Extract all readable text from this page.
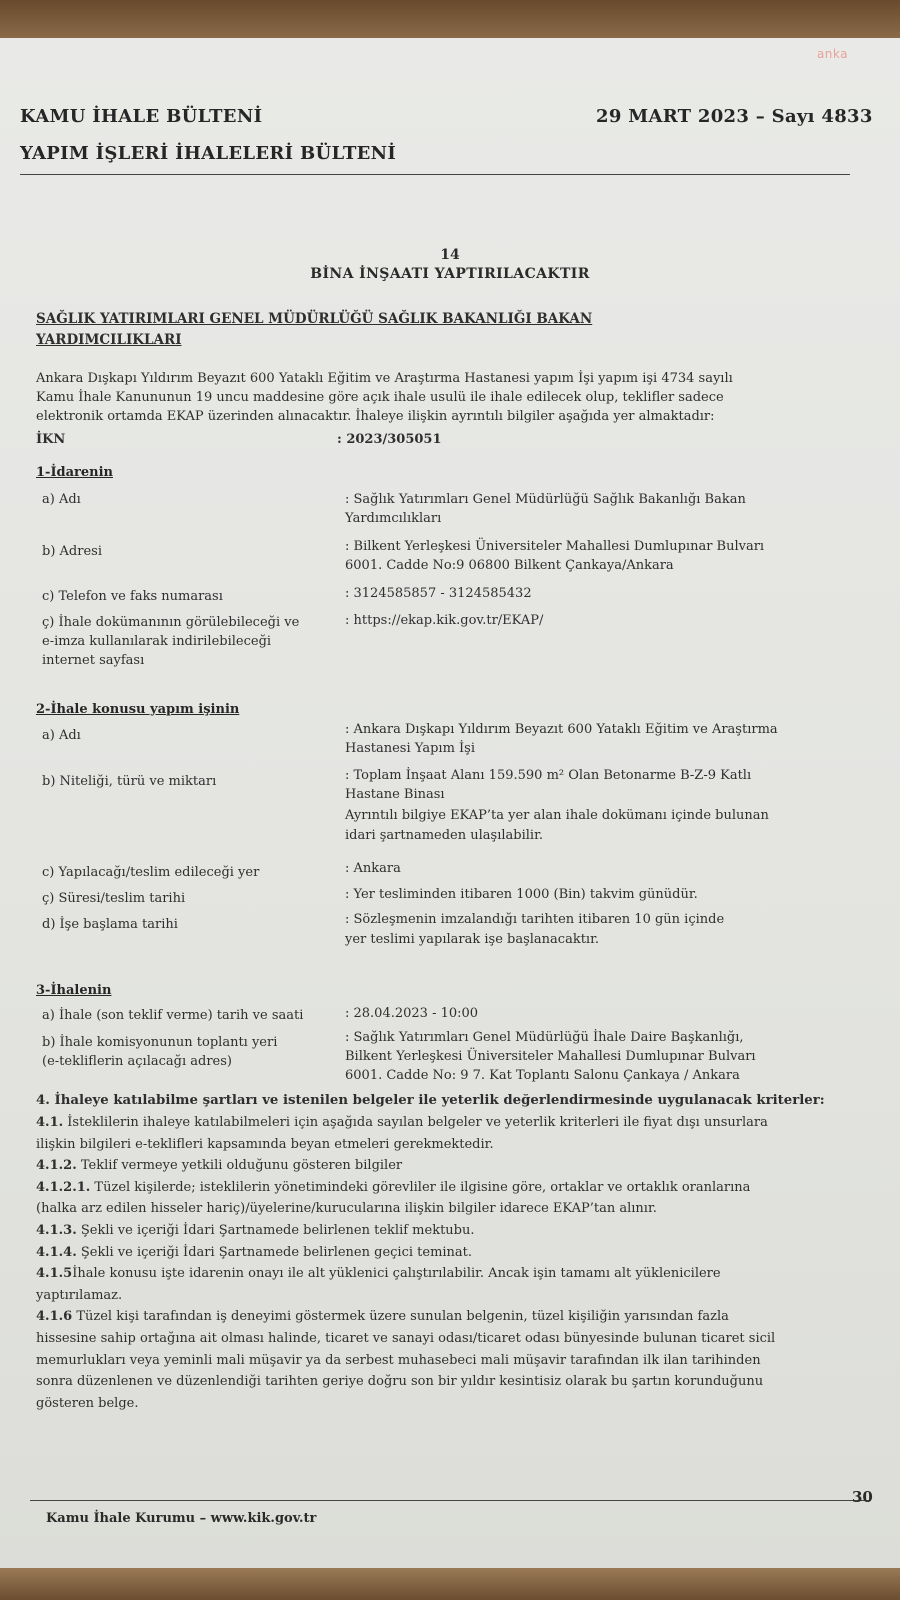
anka
KAMU İHALE BÜLTENİ
YAPIM İŞLERİ İHALELERİ BÜLTENİ
29 MART 2023 – Sayı 4833
14
BİNA İNŞAATI YAPTIRILACAKTIR
SAĞLIK YATIRIMLARI GENEL MÜDÜRLÜĞÜ SAĞLIK BAKANLIĞI BAKAN
YARDIMCILIKLARI
Ankara Dışkapı Yıldırım Beyazıt 600 Yataklı Eğitim ve Araştırma Hastanesi yapım İşi yapım işi 4734 sayılı
Kamu İhale Kanununun 19 uncu maddesine göre açık ihale usulü ile ihale edilecek olup, teklifler sadece
elektronik ortamda EKAP üzerinden alınacaktır. İhaleye ilişkin ayrıntılı bilgiler aşağıda yer almaktadır:
İKN	: 2023/305051
1-İdarenin
a) Adı	: Sağlık Yatırımları Genel Müdürlüğü Sağlık Bakanlığı Bakan
Yardımcılıkları
b) Adresi	: Bilkent Yerleşkesi Üniversiteler Mahallesi Dumlupınar Bulvarı
6001. Cadde No:9 06800 Bilkent Çankaya/Ankara
c) Telefon ve faks numarası	: 3124585857 - 3124585432
ç) İhale dokümanının görülebileceği ve
e-imza kullanılarak indirilebileceği
internet sayfası
: https://ekap.kik.gov.tr/EKAP/
2-İhale konusu yapım işinin
a) Adı	: Ankara Dışkapı Yıldırım Beyazıt 600 Yataklı Eğitim ve Araştırma
Hastanesi Yapım İşi
b) Niteliği, türü ve miktarı	: Toplam İnşaat Alanı 159.590 m² Olan Betonarme B-Z-9 Katlı
Hastane Binası
Ayrıntılı bilgiye EKAP’ta yer alan ihale dokümanı içinde bulunan
idari şartnameden ulaşılabilir.
c) Yapılacağı/teslim edileceği yer	: Ankara
ç) Süresi/teslim tarihi	: Yer tesliminden itibaren 1000 (Bin) takvim günüdür.
d) İşe başlama tarihi	: Sözleşmenin imzalandığı tarihten itibaren 10 gün içinde
yer teslimi yapılarak işe başlanacaktır.
3-İhalenin
a) İhale (son teklif verme) tarih ve saati	: 28.04.2023 - 10:00
b) İhale komisyonunun toplantı yeri
(e-tekliflerin açılacağı adres)
: Sağlık Yatırımları Genel Müdürlüğü İhale Daire Başkanlığı,
Bilkent Yerleşkesi Üniversiteler Mahallesi Dumlupınar Bulvarı
6001. Cadde No: 9 7. Kat Toplantı Salonu Çankaya / Ankara
4. İhaleye katılabilme şartları ve istenilen belgeler ile yeterlik değerlendirmesinde uygulanacak kriterler:
4.1. İsteklilerin ihaleye katılabilmeleri için aşağıda sayılan belgeler ve yeterlik kriterleri ile fiyat dışı unsurlara
ilişkin bilgileri e-teklifleri kapsamında beyan etmeleri gerekmektedir.
4.1.2. Teklif vermeye yetkili olduğunu gösteren bilgiler
4.1.2.1. Tüzel kişilerde; isteklilerin yönetimindeki görevliler ile ilgisine göre, ortaklar ve ortaklık oranlarına
(halka arz edilen hisseler hariç)/üyelerine/kurucularına ilişkin bilgiler idarece EKAP’tan alınır.
4.1.3. Şekli ve içeriği İdari Şartnamede belirlenen teklif mektubu.
4.1.4. Şekli ve içeriği İdari Şartnamede belirlenen geçici teminat.
4.1.5İhale konusu işte idarenin onayı ile alt yüklenici çalıştırılabilir. Ancak işin tamamı alt yüklenicilere
yaptırılamaz.
4.1.6 Tüzel kişi tarafından iş deneyimi göstermek üzere sunulan belgenin, tüzel kişiliğin yarısından fazla
hissesine sahip ortağına ait olması halinde, ticaret ve sanayi odası/ticaret odası bünyesinde bulunan ticaret sicil
memurlukları veya yeminli mali müşavir ya da serbest muhasebeci mali müşavir tarafından ilk ilan tarihinden
sonra düzenlenen ve düzenlendiği tarihten geriye doğru son bir yıldır kesintisiz olarak bu şartın korunduğunu
gösteren belge.
30
Kamu İhale Kurumu – www.kik.gov.tr
